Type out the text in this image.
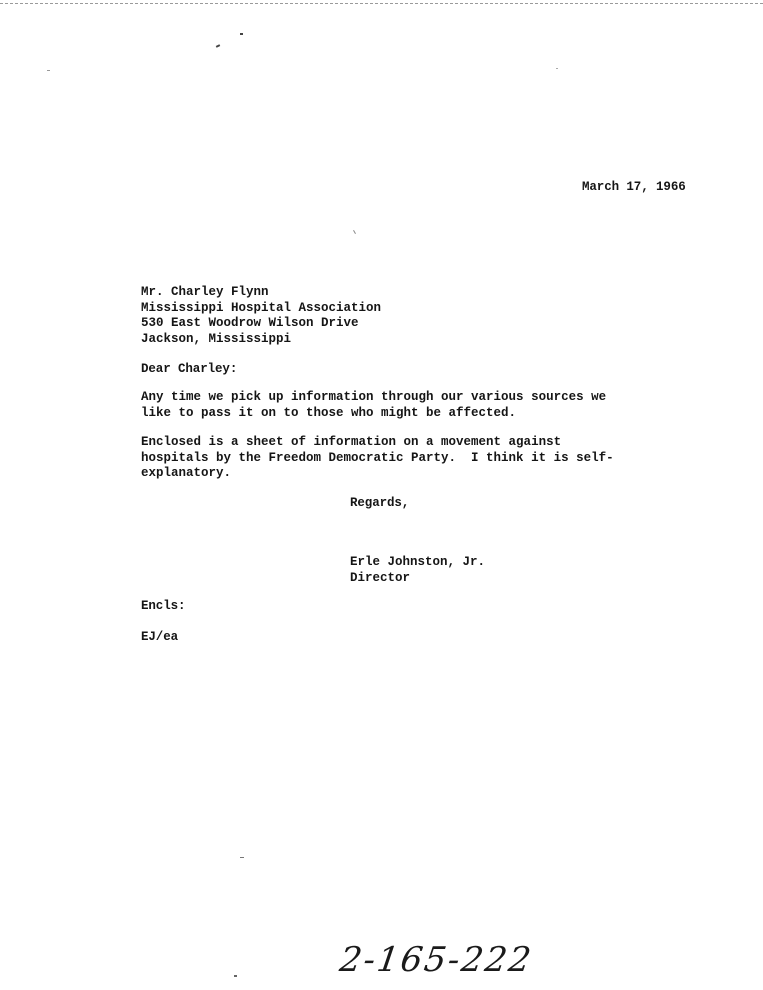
March 17, 1966
Mr. Charley Flynn
Mississippi Hospital Association
530 East Woodrow Wilson Drive
Jackson, Mississippi
Dear Charley:
Any time we pick up information through our various sources we
like to pass it on to those who might be affected.
Enclosed is a sheet of information on a movement against
hospitals by the Freedom Democratic Party.  I think it is self-
explanatory.
Regards,
Erle Johnston, Jr.
Director
Encls:
EJ/ea
2-165-222
